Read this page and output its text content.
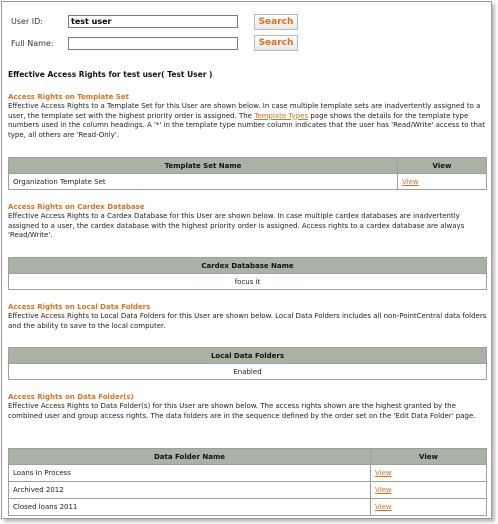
User ID:	test user	Search
Full Name:	Search
Effective Access Rights for test user( Test User )
Access Rights on Template Set
Effective Access Rights to a Template Set for this User are shown below. In case multiple template sets are inadvertently assigned to a user, the template set with the highest priority order is assigned. The Template Types page shows the details for the template type numbers used in the column headings. A '*' in the template type number column indicates that the user has 'Read/Write' access to that type, all others are 'Read-Only'.
Template Set Name	View
Organization Template Set	View
Access Rights on Cardex Database
Effective Access Rights to a Cardex Database for this User are shown below. In case multiple cardex databases are inadvertently assigned to a user, the cardex database with the highest priority order is assigned. Access rights to a cardex database are always 'Read/Write'.
Cardex Database Name
focus it
Access Rights on Local Data Folders
Effective Access Rights to Local Data Folders for this User are shown below. Local Data Folders includes all non-PointCentral data folders and the ability to save to the local computer.
Local Data Folders
Enabled
Access Rights on Data Folder(s)
Effective Access Rights to Data Folder(s) for this User are shown below. The access rights shown are the highest granted by the combined user and group access rights. The data folders are in the sequence defined by the order set on the 'Edit Data Folder' page.
Data Folder Name	View
Loans In Process	View
Archived 2012	View
Closed loans 2011	View
